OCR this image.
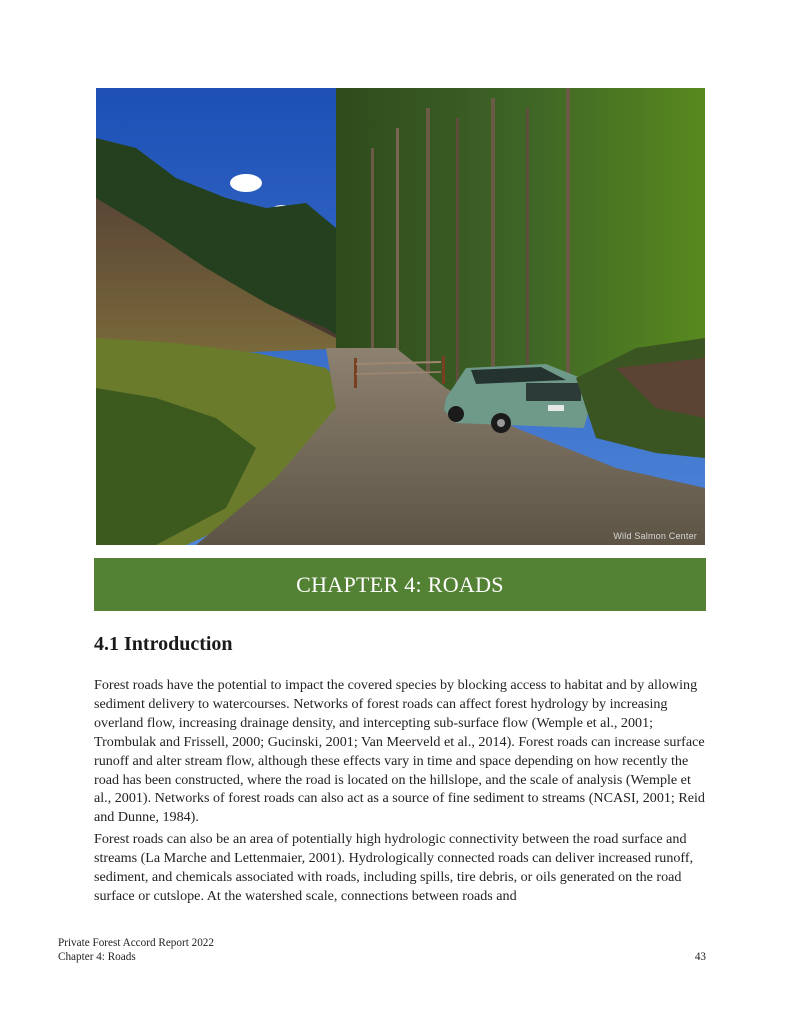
Wild Salmon Center
CHAPTER 4: ROADS
4.1 Introduction

Forest roads have the potential to impact the covered species by blocking access to habitat and by allowing sediment delivery to watercourses. Networks of forest roads can affect forest hydrology by increasing overland flow, increasing drainage density, and intercepting sub-surface flow (Wemple et al., 2001; Trombulak and Frissell, 2000; Gucinski, 2001; Van Meerveld et al., 2014). Forest roads can increase surface runoff and alter stream flow, although these effects vary in time and space depending on how recently the road has been constructed, where the road is located on the hillslope, and the scale of analysis (Wemple et al., 2001). Networks of forest roads can also act as a source of fine sediment to streams (NCASI, 2001; Reid and Dunne, 1984).

Forest roads can also be an area of potentially high hydrologic connectivity between the road surface and streams (La Marche and Lettenmaier, 2001). Hydrologically connected roads can deliver increased runoff, sediment, and chemicals associated with roads, including spills, tire debris, or oils generated on the road surface or cutslope. At the watershed scale, connections between roads and

Private Forest Accord Report 2022
Chapter 4: Roads	43
